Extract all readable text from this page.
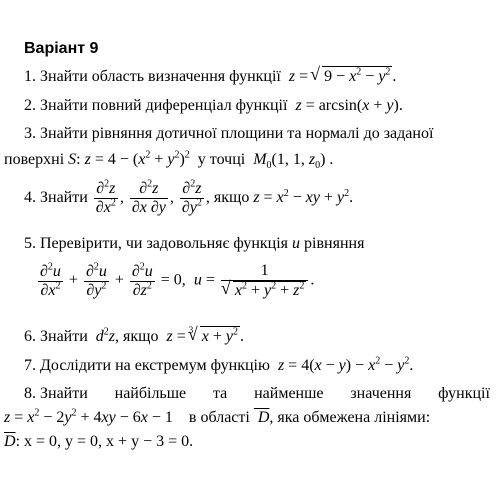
Варіант 9
1. Знайти область визначення функції  z = √ $9 - x^2 - y^2$ .
2. Знайти повний диференціал функції  z = arcsin(x + y).
3. Знайти рівняння дотичної площини та нормалі до заданої
поверхні S: $z = 4 - (x^2 + y^2)^2$ у точці $M_0(1$, 1, $z_0$) .
4. Знайти $\frac{\partial^2z}{\partial x^2}$ , $\frac{\partial^2z}{\partial x \partial y}$ , $\frac{\partial^2z}{\partial y^2}$ , якщо $z = x^2$ − xy + $y^2$.
5. Перевірити, чи задовольняє функція u рівняння
$\frac{\partial^2u}{\partial x^2} + \frac{\partial^2u}{\partial y^2} + \frac{\partial^2u}{\partial z^2} = 0$,  u = 1
√ $x^2 + y^2 + z^2$ .
6. Знайти  $d^2z$, якщо  z = √ 3 $x + y^2$ .
7. Дослідити на екстремум функцію  $z = 4(x - y) - x^2 - y^2$.
8. Знайти найбільше та найменше значення функції
$z = x^2 - 2y^2 + 4xy - 6x - 1$    в області  D, яка обмежена лініями:
$\overline{D}$: x = 0, y = 0, x + y − 3 = 0.
